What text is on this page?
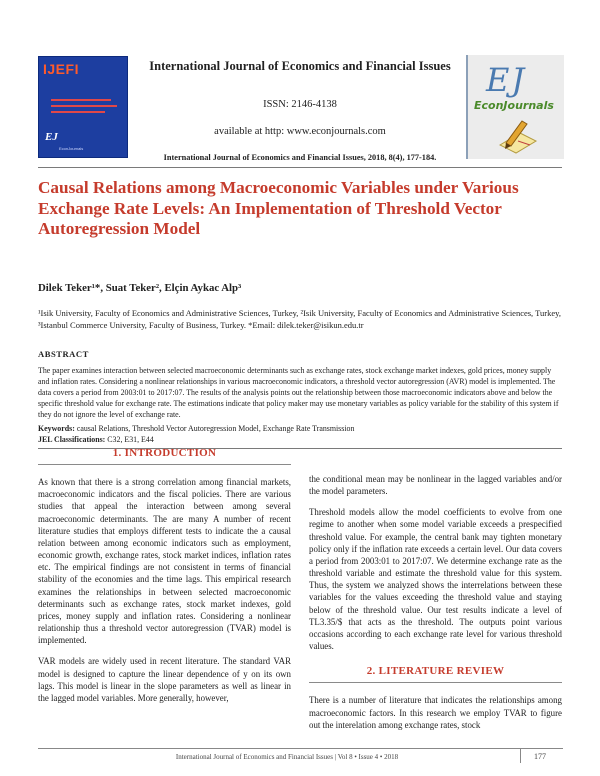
IJEFI
EJ
EconJournals
International Journal of Economics and Financial Issues
ISSN: 2146-4138
available at http: www.econjournals.com
International Journal of Economics and Financial Issues, 2018, 8(4), 177-184.
EJ
EconJournals
Causal Relations among Macroeconomic Variables under Various Exchange Rate Levels: An Implementation of Threshold Vector Autoregression Model
Dilek Teker¹*, Suat Teker², Elçin Aykac Alp³
¹Isik University, Faculty of Economics and Administrative Sciences, Turkey, ²Isik University, Faculty of Economics and Administrative Sciences, Turkey, ³Istanbul Commerce University, Faculty of Business, Turkey. *Email: dilek.teker@isikun.edu.tr
ABSTRACT
The paper examines interaction between selected macroeconomic determinants such as exchange rates, stock exchange market indexes, gold prices, money supply and inflation rates. Considering a nonlinear relationships in various macroeconomic indicators, a threshold vector autoregression (AVR) model is implemented. The data covers a period from 2003:01 to 2017:07. The results of the analysis points out the relationship between those macroeconomic indicators above and below the specific threshold value for exchange rate. The estimations indicate that policy maker may use monetary variables as policy variable for the stability of this system if they do not ignore the level of exchange rate.
Keywords: causal Relations, Threshold Vector Autoregression Model, Exchange Rate Transmission
JEL Classifications: C32, E31, E44
1. INTRODUCTION

As known that there is a strong correlation among financial markets, macroeconomic indicators and the fiscal policies. There are various studies that appeal the interaction between among several macroeconomic determinants. The are many A number of recent literature studies that employs different tests to indicate the a causal relation between among economic indicators such as employment, economic growth, exchange rates, stock market indices, inflation rates etc. The empirical findings are not consistent in terms of financial stability of the economies and the time lags. This empirical research examines the relationships in between selected macroeconomic determinants such as exchange rates, stock market indexes, gold prices, money supply and inflation rates. Considering a nonlinear relationship thus a threshold vector autoregression (TVAR) model is implemented.

VAR models are widely used in recent literature. The standard VAR model is designed to capture the linear dependence of y on its own lags. This model is linear in the slope parameters as well as linear in the lagged model variables. More generally, however,

the conditional mean may be nonlinear in the lagged variables and/or the model parameters.

Threshold models allow the model coefficients to evolve from one regime to another when some model variable exceeds a prespecified threshold value. For example, the central bank may tighten monetary policy only if the inflation rate exceeds a certain level. Our data covers a period from 2003:01 to 2017:07. We determine exchange rate as the threshold variable and estimate the threshold value for this system. Thus, the system we analyzed shows the interrelations between these variables for the values exceeding the threshold value and staying below of the threshold value. Our test results indicate a level of TL3.35/$ that acts as the threshold. The outputs point various occasions according to each exchange rate level for various threshold values.

2. LITERATURE REVIEW

There is a number of literature that indicates the relationships among macroeconomic factors. In this research we employ TVAR to figure out the interelation among exchange rates, stock

International Journal of Economics and Financial Issues | Vol 8 • Issue 4 • 2018	177
